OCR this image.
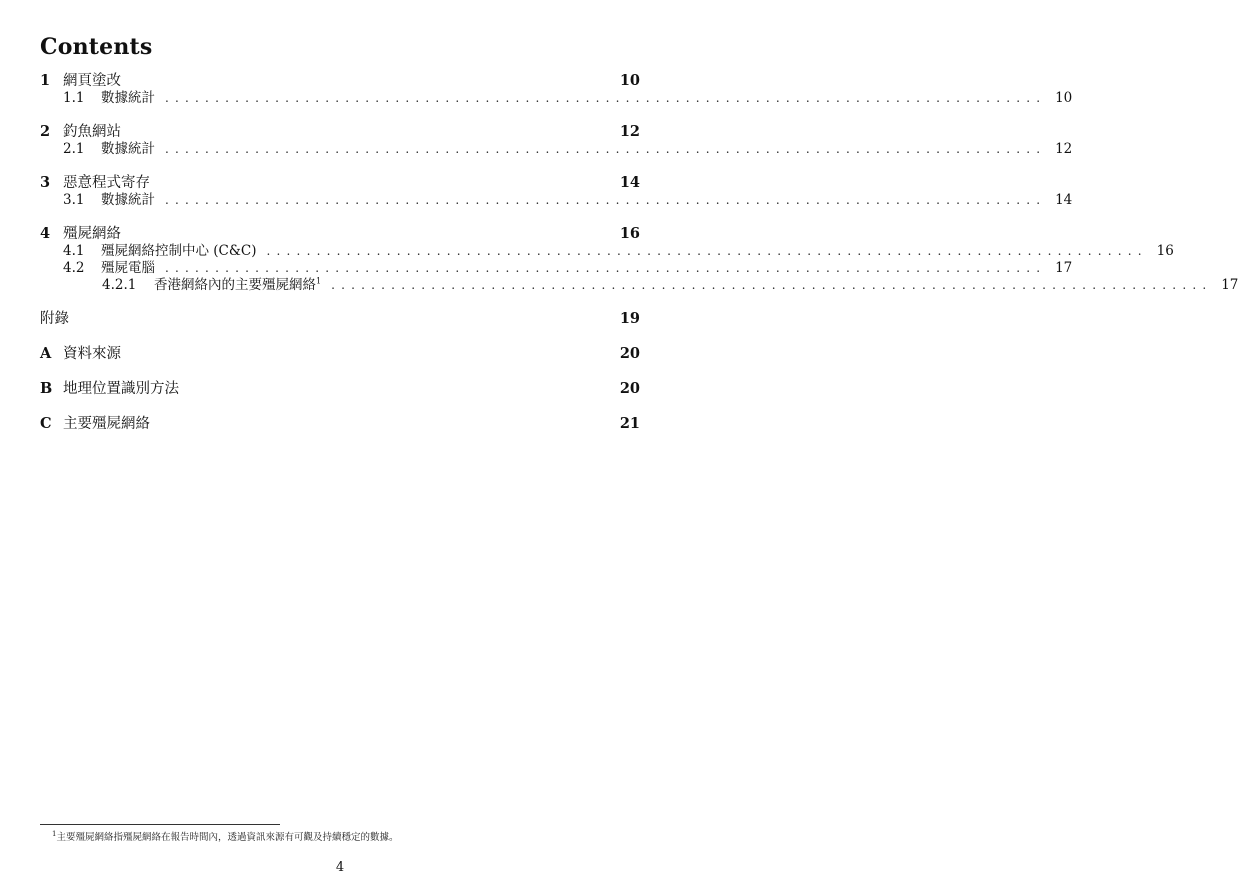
Contents
1 網頁塗改	10
1.1	數據統計 ........................................................................................ 10
2 釣魚網站	12
2.1	數據統計 ........................................................................................ 12
3 惡意程式寄存	14
3.1	數據統計 ........................................................................................ 14
4 殭屍網絡	16
4.1	殭屍網絡控制中心 (C&C) ........................................................................................ 16
4.2	殭屍電腦 ........................................................................................ 17
4.2.1	香港網絡內的主要殭屍網絡$^1$ ........................................................................................ 17
附錄	19
A 資料來源	20
B 地理位置識別方法	20
C 主要殭屍網絡	21
$^1$主要殭屍網絡指殭屍網絡在報告時間內，透過資訊來源有可觀及持續穩定的數據。
4
